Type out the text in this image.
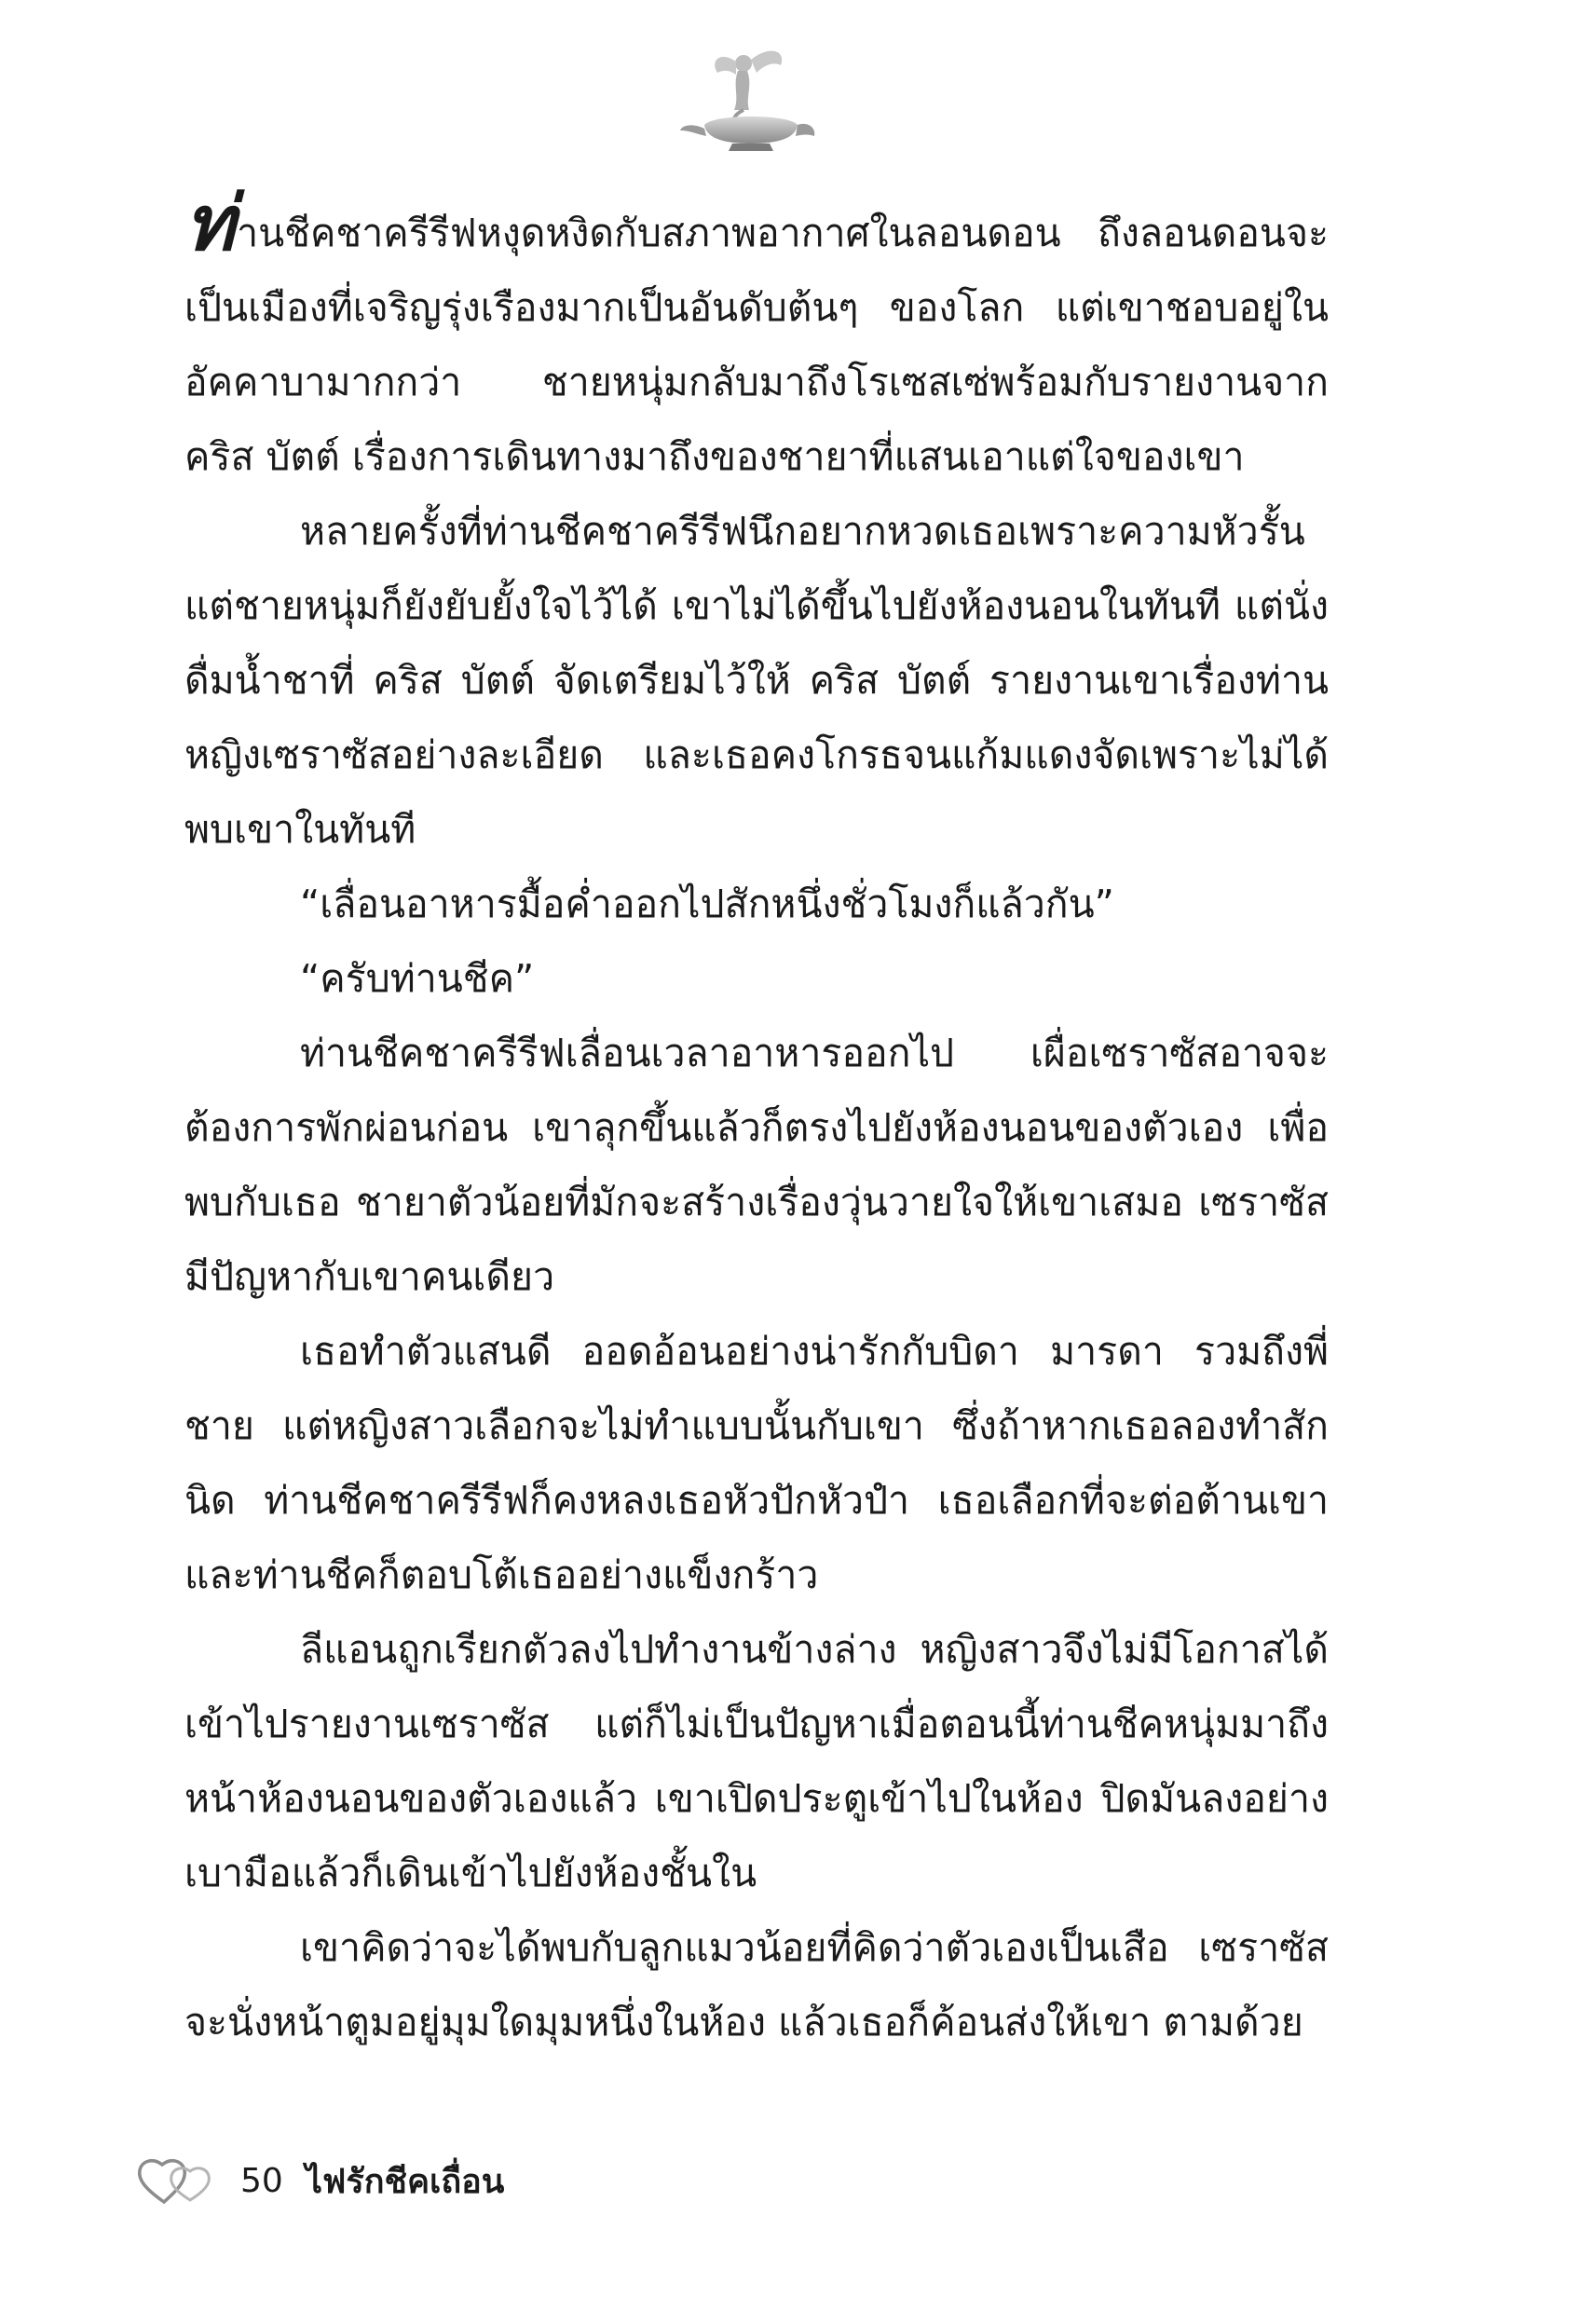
ท่านชีคชาครีรีฟหงุดหงิดกับสภาพอากาศในลอนดอน ถึงลอนดอนจะเป็นเมืองที่เจริญรุ่งเรืองมากเป็นอันดับต้นๆ ของโลก แต่เขาชอบอยู่ในอัคคาบามากกว่า ชายหนุ่มกลับมาถึงโรเซสเซ่พร้อมกับรายงานจาก คริส บัตต์ เรื่องการเดินทางมาถึงของชายาที่แสนเอาแต่ใจของเขา

หลายครั้งที่ท่านชีคชาครีรีฟนึกอยากหวดเธอเพราะความหัวรั้น แต่ชายหนุ่มก็ยังยับยั้งใจไว้ได้ เขาไม่ได้ขึ้นไปยังห้องนอนในทันที แต่นั่งดื่มน้ำชาที่ คริส บัตต์ จัดเตรียมไว้ให้ คริส บัตต์ รายงานเขาเรื่องท่านหญิงเซราซัสอย่างละเอียด และเธอคงโกรธจนแก้มแดงจัดเพราะไม่ได้พบเขาในทันที

“เลื่อนอาหารมื้อค่ำออกไปสักหนึ่งชั่วโมงก็แล้วกัน”

“ครับท่านชีค”

ท่านชีคชาครีรีฟเลื่อนเวลาอาหารออกไป เผื่อเซราซัสอาจจะต้องการพักผ่อนก่อน เขาลุกขึ้นแล้วก็ตรงไปยังห้องนอนของตัวเอง เพื่อพบกับเธอ ชายาตัวน้อยที่มักจะสร้างเรื่องวุ่นวายใจให้เขาเสมอ เซราซัสมีปัญหากับเขาคนเดียว

เธอทำตัวแสนดี ออดอ้อนอย่างน่ารักกับบิดา มารดา รวมถึงพี่ชาย แต่หญิงสาวเลือกจะไม่ทำแบบนั้นกับเขา ซึ่งถ้าหากเธอลองทำสักนิด ท่านชีคชาครีรีฟก็คงหลงเธอหัวปักหัวปำ เธอเลือกที่จะต่อต้านเขา และท่านชีคก็ตอบโต้เธออย่างแข็งกร้าว

ลีแอนถูกเรียกตัวลงไปทำงานข้างล่าง หญิงสาวจึงไม่มีโอกาสได้เข้าไปรายงานเซราซัส แต่ก็ไม่เป็นปัญหาเมื่อตอนนี้ท่านชีคหนุ่มมาถึงหน้าห้องนอนของตัวเองแล้ว เขาเปิดประตูเข้าไปในห้อง ปิดมันลงอย่างเบามือแล้วก็เดินเข้าไปยังห้องชั้นใน

เขาคิดว่าจะได้พบกับลูกแมวน้อยที่คิดว่าตัวเองเป็นเสือ เซราซัสจะนั่งหน้าตูมอยู่มุมใดมุมหนึ่งในห้อง แล้วเธอก็ค้อนส่งให้เขา ตามด้วย

50 ไฟรักชีคเถื่อน
